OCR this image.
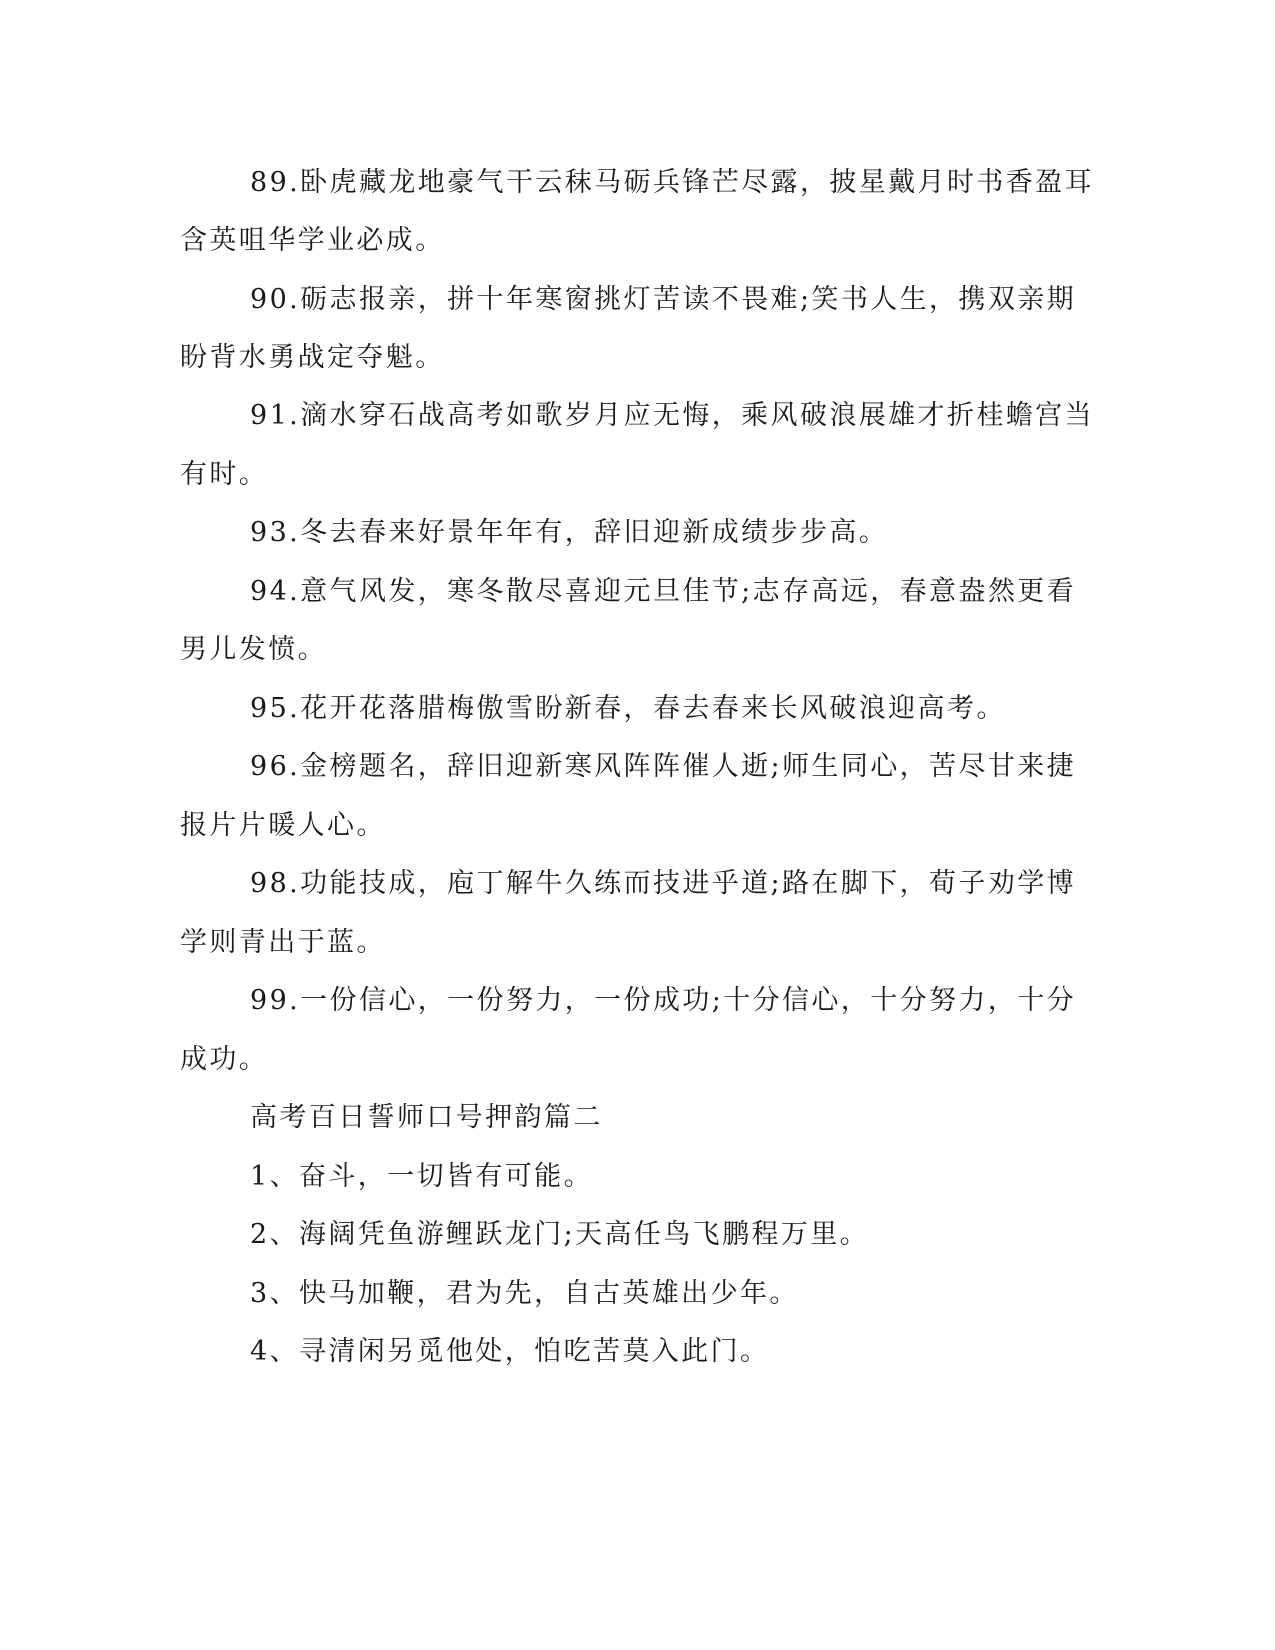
89.卧虎藏龙地豪气干云秣马砺兵锋芒尽露，披星戴月时书香盈耳
含英咀华学业必成。
90.砺志报亲，拼十年寒窗挑灯苦读不畏难;笑书人生，携双亲期
盼背水勇战定夺魁。
91.滴水穿石战高考如歌岁月应无悔，乘风破浪展雄才折桂蟾宫当
有时。
93.冬去春来好景年年有，辞旧迎新成绩步步高。
94.意气风发，寒冬散尽喜迎元旦佳节;志存高远，春意盎然更看
男儿发愤。
95.花开花落腊梅傲雪盼新春，春去春来长风破浪迎高考。
96.金榜题名，辞旧迎新寒风阵阵催人逝;师生同心，苦尽甘来捷
报片片暖人心。
98.功能技成，庖丁解牛久练而技进乎道;路在脚下，荀子劝学博
学则青出于蓝。
99.一份信心，一份努力，一份成功;十分信心，十分努力，十分
成功。
高考百日誓师口号押韵篇二
1、奋斗，一切皆有可能。
2、海阔凭鱼游鲤跃龙门;天高任鸟飞鹏程万里。
3、快马加鞭，君为先，自古英雄出少年。
4、寻清闲另觅他处，怕吃苦莫入此门。
